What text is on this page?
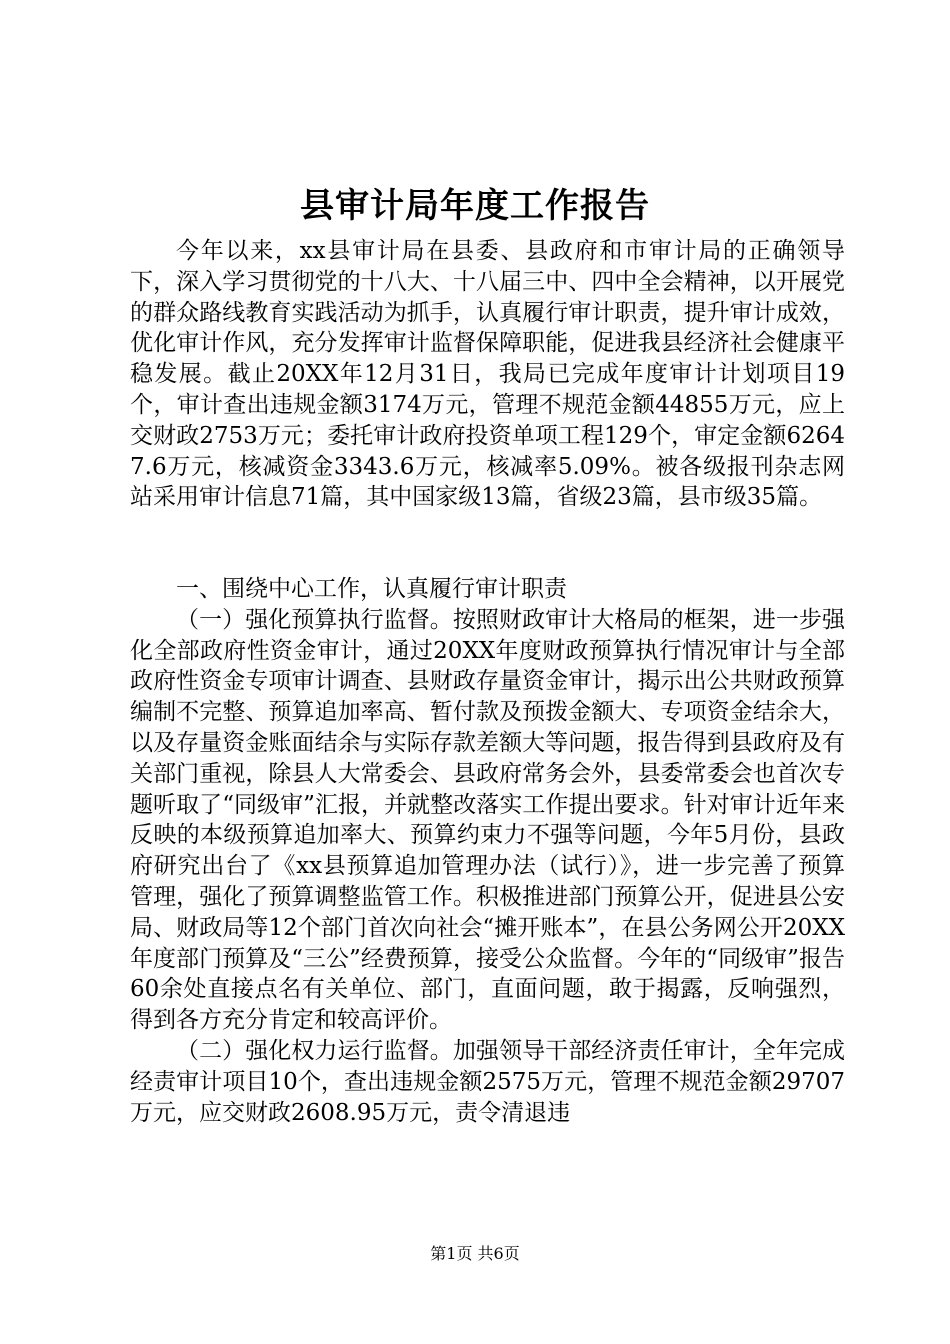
县审计局年度工作报告

今年以来，xx县审计局在县委、县政府和市审计局的正确领导下，深入学习贯彻党的十八大、十八届三中、四中全会精神，以开展党的群众路线教育实践活动为抓手，认真履行审计职责，提升审计成效，优化审计作风，充分发挥审计监督保障职能，促进我县经济社会健康平稳发展。截止20XX年12月31日，我局已完成年度审计计划项目19个，审计查出违规金额3174万元，管理不规范金额44855万元，应上交财政2753万元；委托审计政府投资单项工程129个，审定金额62647.6万元，核减资金3343.6万元，核减率5.09%。被各级报刊杂志网站采用审计信息71篇，其中国家级13篇，省级23篇，县市级35篇。

一、围绕中心工作，认真履行审计职责

（一）强化预算执行监督。按照财政审计大格局的框架，进一步强化全部政府性资金审计，通过20XX年度财政预算执行情况审计与全部政府性资金专项审计调查、县财政存量资金审计，揭示出公共财政预算编制不完整、预算追加率高、暂付款及预拨金额大、专项资金结余大，以及存量资金账面结余与实际存款差额大等问题，报告得到县政府及有关部门重视，除县人大常委会、县政府常务会外，县委常委会也首次专题听取了“同级审”汇报，并就整改落实工作提出要求。针对审计近年来反映的本级预算追加率大、预算约束力不强等问题，今年5月份，县政府研究出台了《xx县预算追加管理办法（试行）》，进一步完善了预算管理，强化了预算调整监管工作。积极推进部门预算公开，促进县公安局、财政局等12个部门首次向社会“摊开账本”，在县公务网公开20XX年度部门预算及“三公”经费预算，接受公众监督。今年的“同级审”报告60余处直接点名有关单位、部门，直面问题，敢于揭露，反响强烈，得到各方充分肯定和较高评价。

（二）强化权力运行监督。加强领导干部经济责任审计，全年完成经责审计项目10个，查出违规金额2575万元，管理不规范金额29707万元，应交财政2608.95万元，责令清退违

第1页 共6页
